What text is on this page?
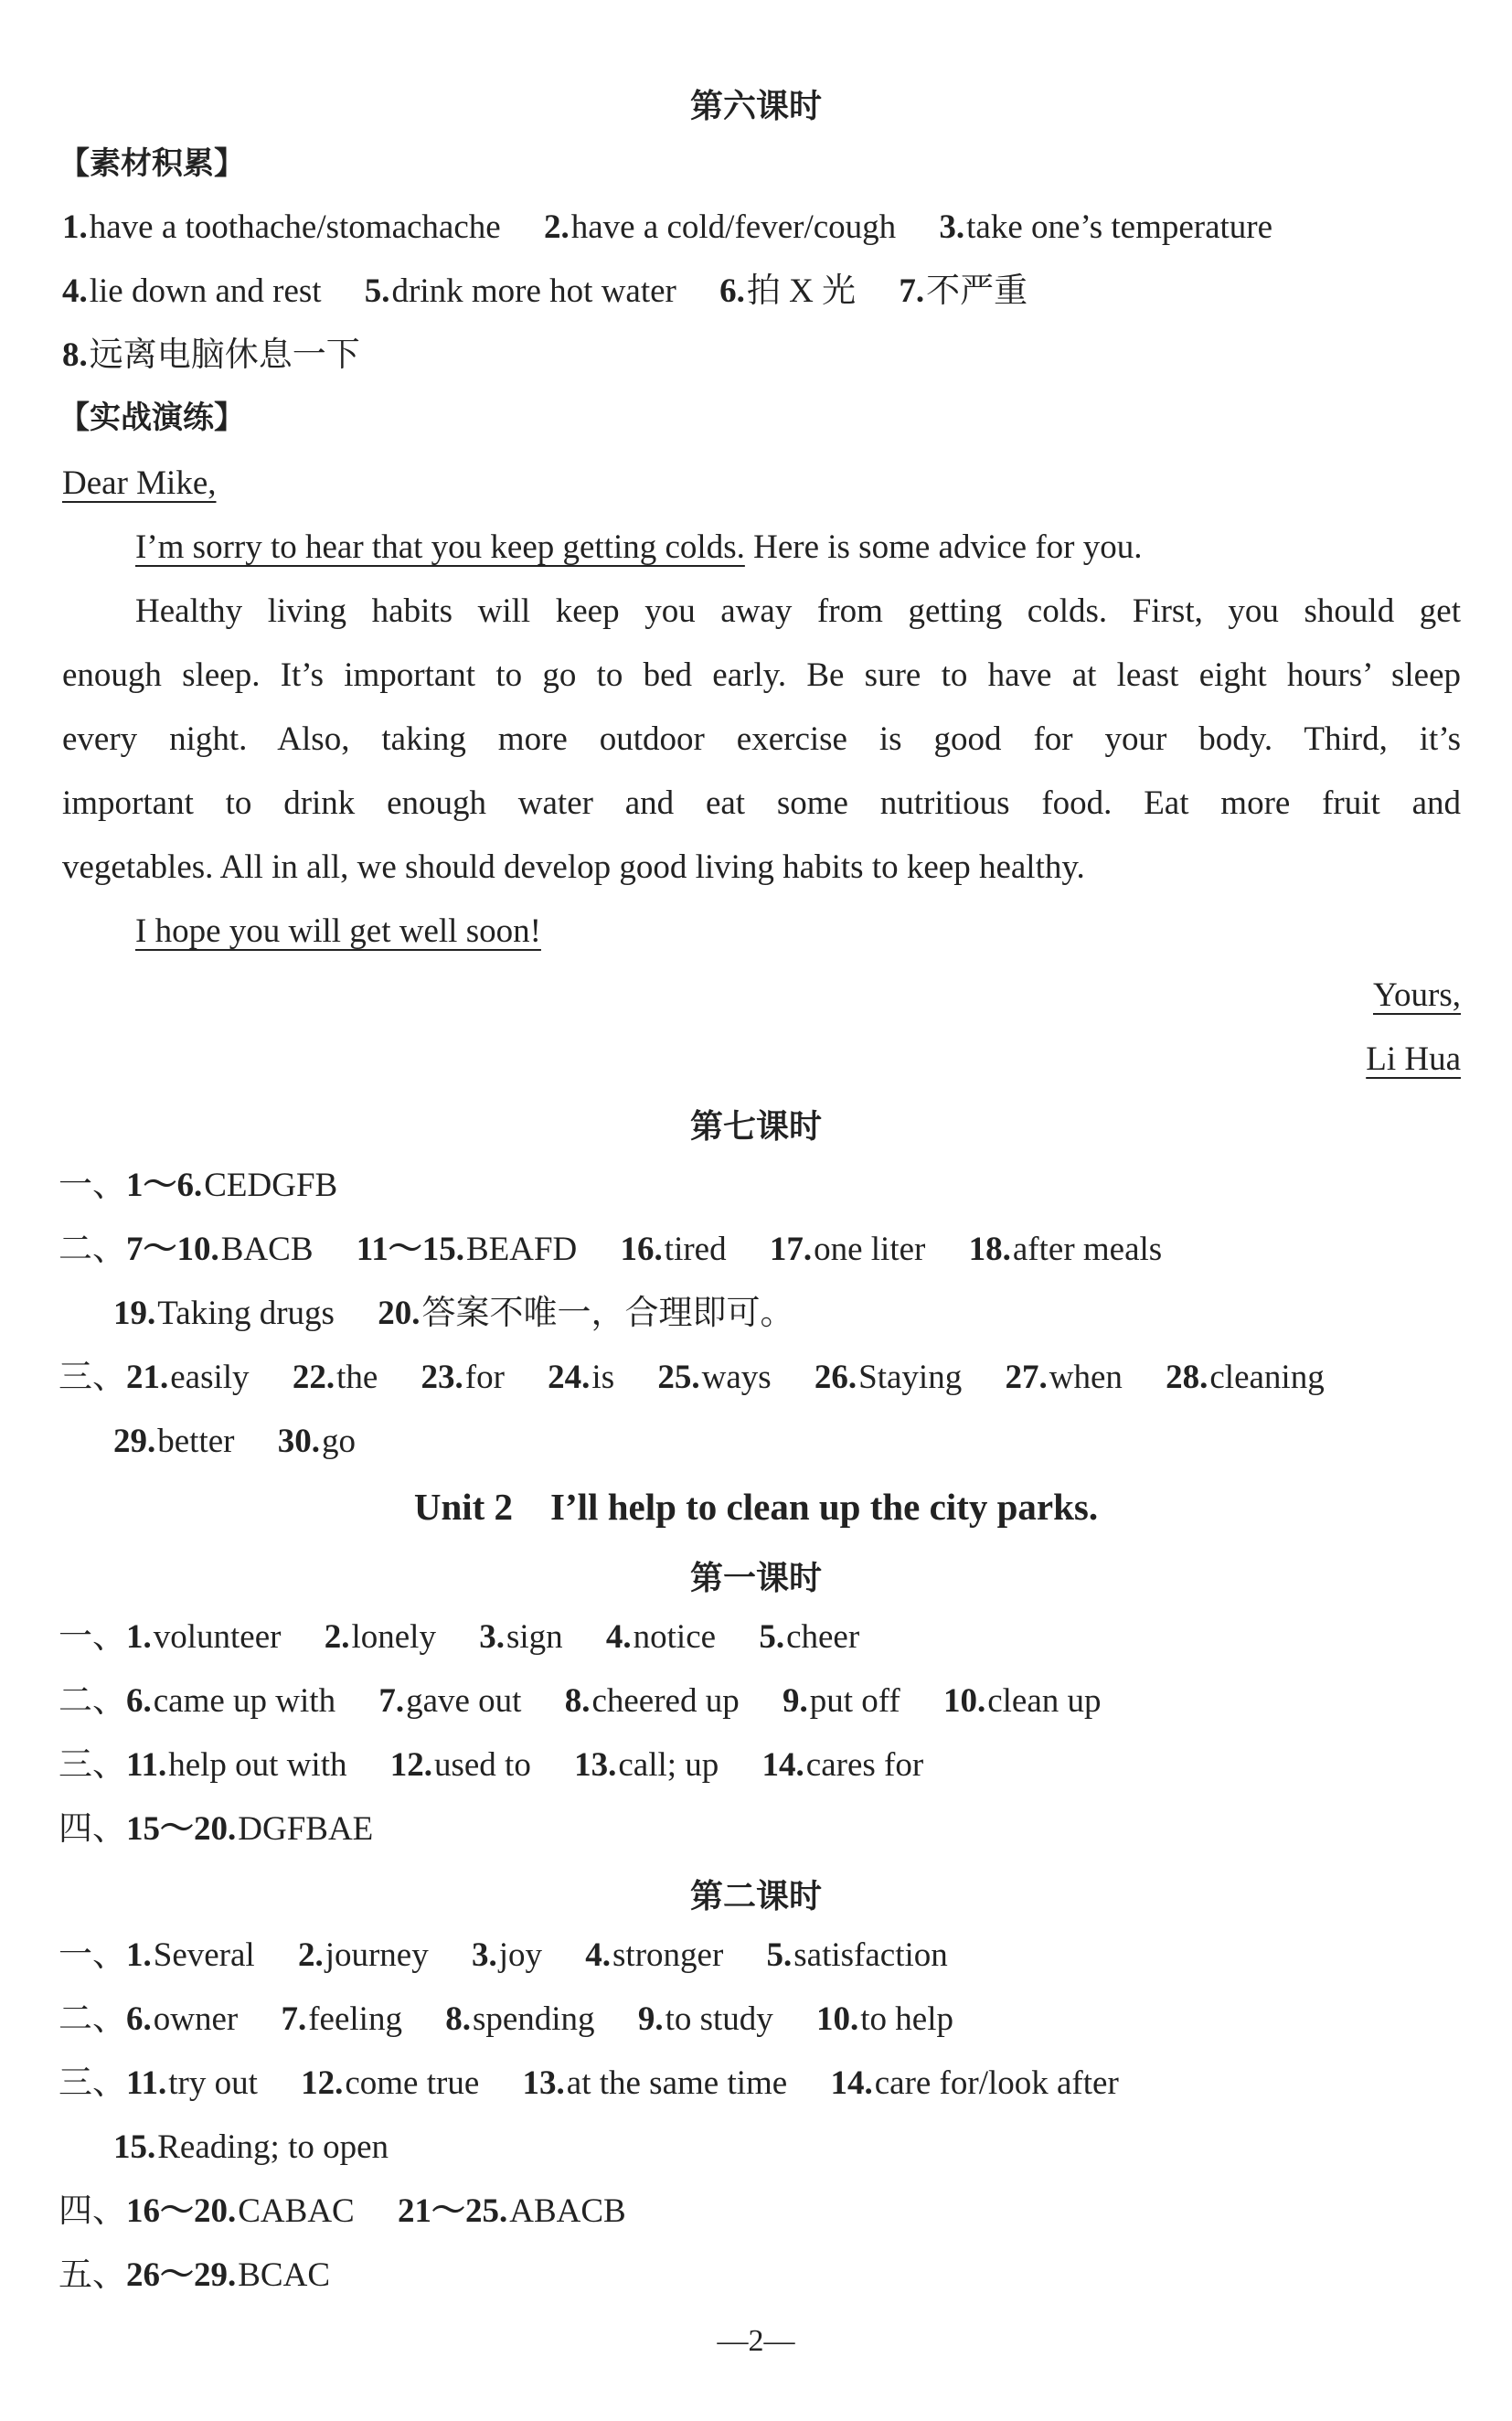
第六课时
【素材积累】
1.have a toothache/stomachache 2.have a cold/fever/cough 3.take one’s temperature
4.lie down and rest 5.drink more hot water 6.拍 X 光 7.不严重
8.远离电脑休息一下
【实战演练】
Dear Mike,
I’m sorry to hear that you keep getting colds. Here is some advice for you.
Healthy living habits will keep you away from getting colds. First, you should get
enough sleep. It’s important to go to bed early. Be sure to have at least eight hours’ sleep
every night. Also, taking more outdoor exercise is good for your body. Third, it’s
important to drink enough water and eat some nutritious food. Eat more fruit and
vegetables. All in all, we should develop good living habits to keep healthy.
I hope you will get well soon!
Yours,
Li Hua
第七课时
一、1～6.CEDGFB
二、7～10.BACB 11～15.BEAFD 16.tired 17.one liter 18.after meals
19.Taking drugs 20.答案不唯一，合理即可。
三、21.easily 22.the 23.for 24.is 25.ways 26.Staying 27.when 28.cleaning
29.better 30.go
Unit 2    I’ll help to clean up the city parks.
第一课时
一、1.volunteer 2.lonely 3.sign 4.notice 5.cheer
二、6.came up with 7.gave out 8.cheered up 9.put off 10.clean up
三、11.help out with 12.used to 13.call; up 14.cares for
四、15～20.DGFBAE
第二课时
一、1.Several 2.journey 3.joy 4.stronger 5.satisfaction
二、6.owner 7.feeling 8.spending 9.to study 10.to help
三、11.try out 12.come true 13.at the same time 14.care for/look after
15.Reading; to open
四、16～20.CABAC 21～25.ABACB
五、26～29.BCAC
—2—
